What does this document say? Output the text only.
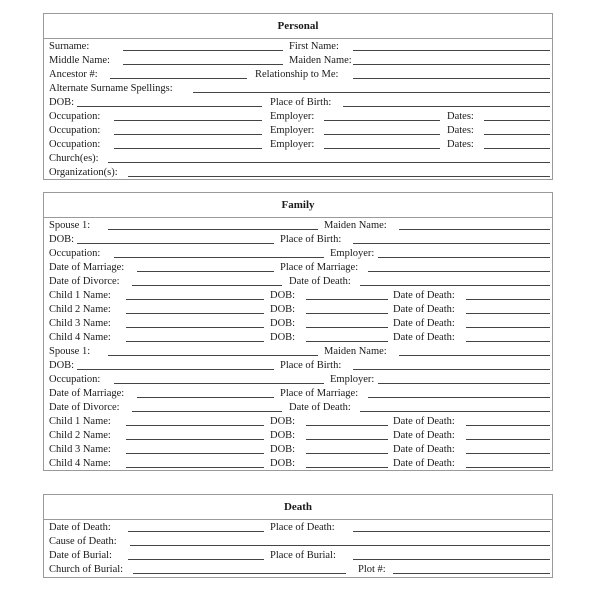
Personal
Surname:	First Name:
Middle Name:	Maiden Name:
Ancestor #:	Relationship to Me:
Alternate Surname Spellings:
DOB:	Place of Birth:
Occupation:	Employer:	Dates:
Occupation:	Employer:	Dates:
Occupation:	Employer:	Dates:
Church(es):
Organization(s):
Family
Spouse 1:	Maiden Name:
DOB:	Place of Birth:
Occupation:	Employer:
Date of Marriage:	Place of Marriage:
Date of Divorce:	Date of Death:
Child 1 Name:	DOB:	Date of Death:
Child 2 Name:	DOB:	Date of Death:
Child 3 Name:	DOB:	Date of Death:
Child 4 Name:	DOB:	Date of Death:
Spouse 1:	Maiden Name:
DOB:	Place of Birth:
Occupation:	Employer:
Date of Marriage:	Place of Marriage:
Date of Divorce:	Date of Death:
Child 1 Name:	DOB:	Date of Death:
Child 2 Name:	DOB:	Date of Death:
Child 3 Name:	DOB:	Date of Death:
Child 4 Name:	DOB:	Date of Death:
Death
Date of Death:	Place of Death:
Cause of Death:
Date of Burial:	Place of Burial:
Church of Burial:	Plot #:
